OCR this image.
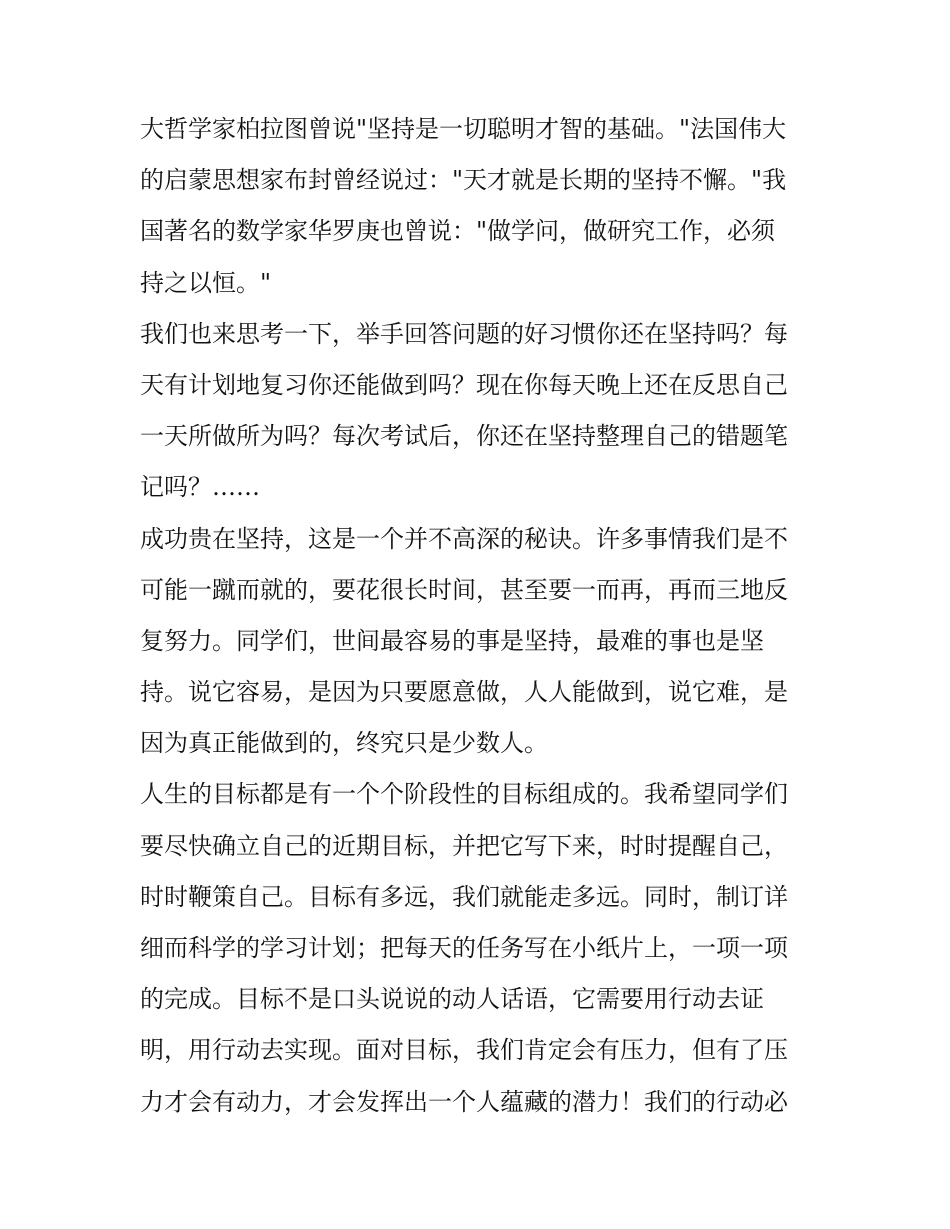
大哲学家柏拉图曾说"坚持是一切聪明才智的基础。"法国伟大
的启蒙思想家布封曾经说过："天才就是长期的坚持不懈。"我
国著名的数学家华罗庚也曾说："做学问，做研究工作，必须
持之以恒。"
我们也来思考一下，举手回答问题的好习惯你还在坚持吗？每
天有计划地复习你还能做到吗？现在你每天晚上还在反思自己
一天所做所为吗？每次考试后，你还在坚持整理自己的错题笔
记吗？……
成功贵在坚持，这是一个并不高深的秘诀。许多事情我们是不
可能一蹴而就的，要花很长时间，甚至要一而再，再而三地反
复努力。同学们，世间最容易的事是坚持，最难的事也是坚
持。说它容易，是因为只要愿意做，人人能做到，说它难，是
因为真正能做到的，终究只是少数人。
人生的目标都是有一个个阶段性的目标组成的。我希望同学们
要尽快确立自己的近期目标，并把它写下来，时时提醒自己，
时时鞭策自己。目标有多远，我们就能走多远。同时，制订详
细而科学的学习计划；把每天的任务写在小纸片上，一项一项
的完成。目标不是口头说说的动人话语，它需要用行动去证
明，用行动去实现。面对目标，我们肯定会有压力，但有了压
力才会有动力，才会发挥出一个人蕴藏的潜力！我们的行动必
